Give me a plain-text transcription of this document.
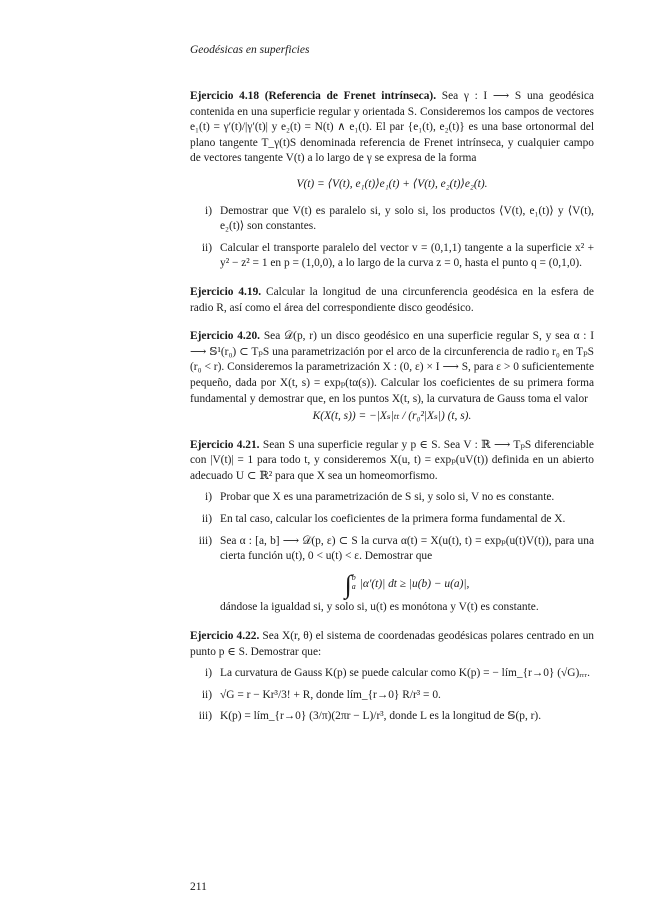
Geodésicas en superficies
Ejercicio 4.18 (Referencia de Frenet intrínseca). Sea γ : I ⟶ S una geodésica contenida en una superficie regular y orientada S. Consideremos los campos de vectores e₁(t) = γ′(t)/|γ′(t)| y e₂(t) = N(t) ∧ e₁(t). El par {e₁(t), e₂(t)} es una base ortonormal del plano tangente T_γ(t)S denominada referencia de Frenet intrínseca, y cualquier campo de vectores tangente V(t) a lo largo de γ se expresa de la forma
V(t) = ⟨V(t), e₁(t)⟩e₁(t) + ⟨V(t), e₂(t)⟩e₂(t).
i) Demostrar que V(t) es paralelo si, y solo si, los productos ⟨V(t), e₁(t)⟩ y ⟨V(t), e₂(t)⟩ son constantes.
ii) Calcular el transporte paralelo del vector v = (0,1,1) tangente a la superficie x² + y² − z² = 1 en p = (1,0,0), a lo largo de la curva z = 0, hasta el punto q = (0,1,0).
Ejercicio 4.19. Calcular la longitud de una circunferencia geodésica en la esfera de radio R, así como el área del correspondiente disco geodésico.
Ejercicio 4.20. Sea 𝒟(p, r) un disco geodésico en una superficie regular S, y sea α : I ⟶ 𝕊¹(r₀) ⊂ TₚS una parametrización por el arco de la circunferencia de radio r₀ en TₚS (r₀ < r). Consideremos la parametrización X : (0, ε) × I ⟶ S, para ε > 0 suficientemente pequeño, dada por X(t, s) = expₚ(tα(s)). Calcular los coeficientes de su primera forma fundamental y demostrar que, en los puntos X(t, s), la curvatura de Gauss toma el valor
K(X(t, s)) = −|Xₛ|ₜₜ / (r₀²|Xₛ|) (t, s).
Ejercicio 4.21. Sean S una superficie regular y p ∈ S. Sea V : ℝ ⟶ TₚS diferenciable con |V(t)| = 1 para todo t, y consideremos X(u, t) = expₚ(uV(t)) definida en un abierto adecuado U ⊂ ℝ² para que X sea un homeomorfismo.
i) Probar que X es una parametrización de S si, y solo si, V no es constante.
ii) En tal caso, calcular los coeficientes de la primera forma fundamental de X.
iii) Sea α : [a, b] ⟶ 𝒟(p, ε) ⊂ S la curva α(t) = X(u(t), t) = expₚ(u(t)V(t)), para una cierta función u(t), 0 < u(t) < ε. Demostrar que
∫b
a |α′(t)| dt ≥ |u(b) − u(a)|,
dándose la igualdad si, y solo si, u(t) es monótona y V(t) es constante.
Ejercicio 4.22. Sea X(r, θ) el sistema de coordenadas geodésicas polares centrado en un punto p ∈ S. Demostrar que:
i) La curvatura de Gauss K(p) se puede calcular como K(p) = − lím_{r→0} (√G)ᵣᵣᵣ.
ii) √G = r − Kr³/3! + R, donde lím_{r→0} R/r³ = 0.
iii) K(p) = lím_{r→0} (3/π)(2πr − L)/r³, donde L es la longitud de 𝕊(p, r).
211
